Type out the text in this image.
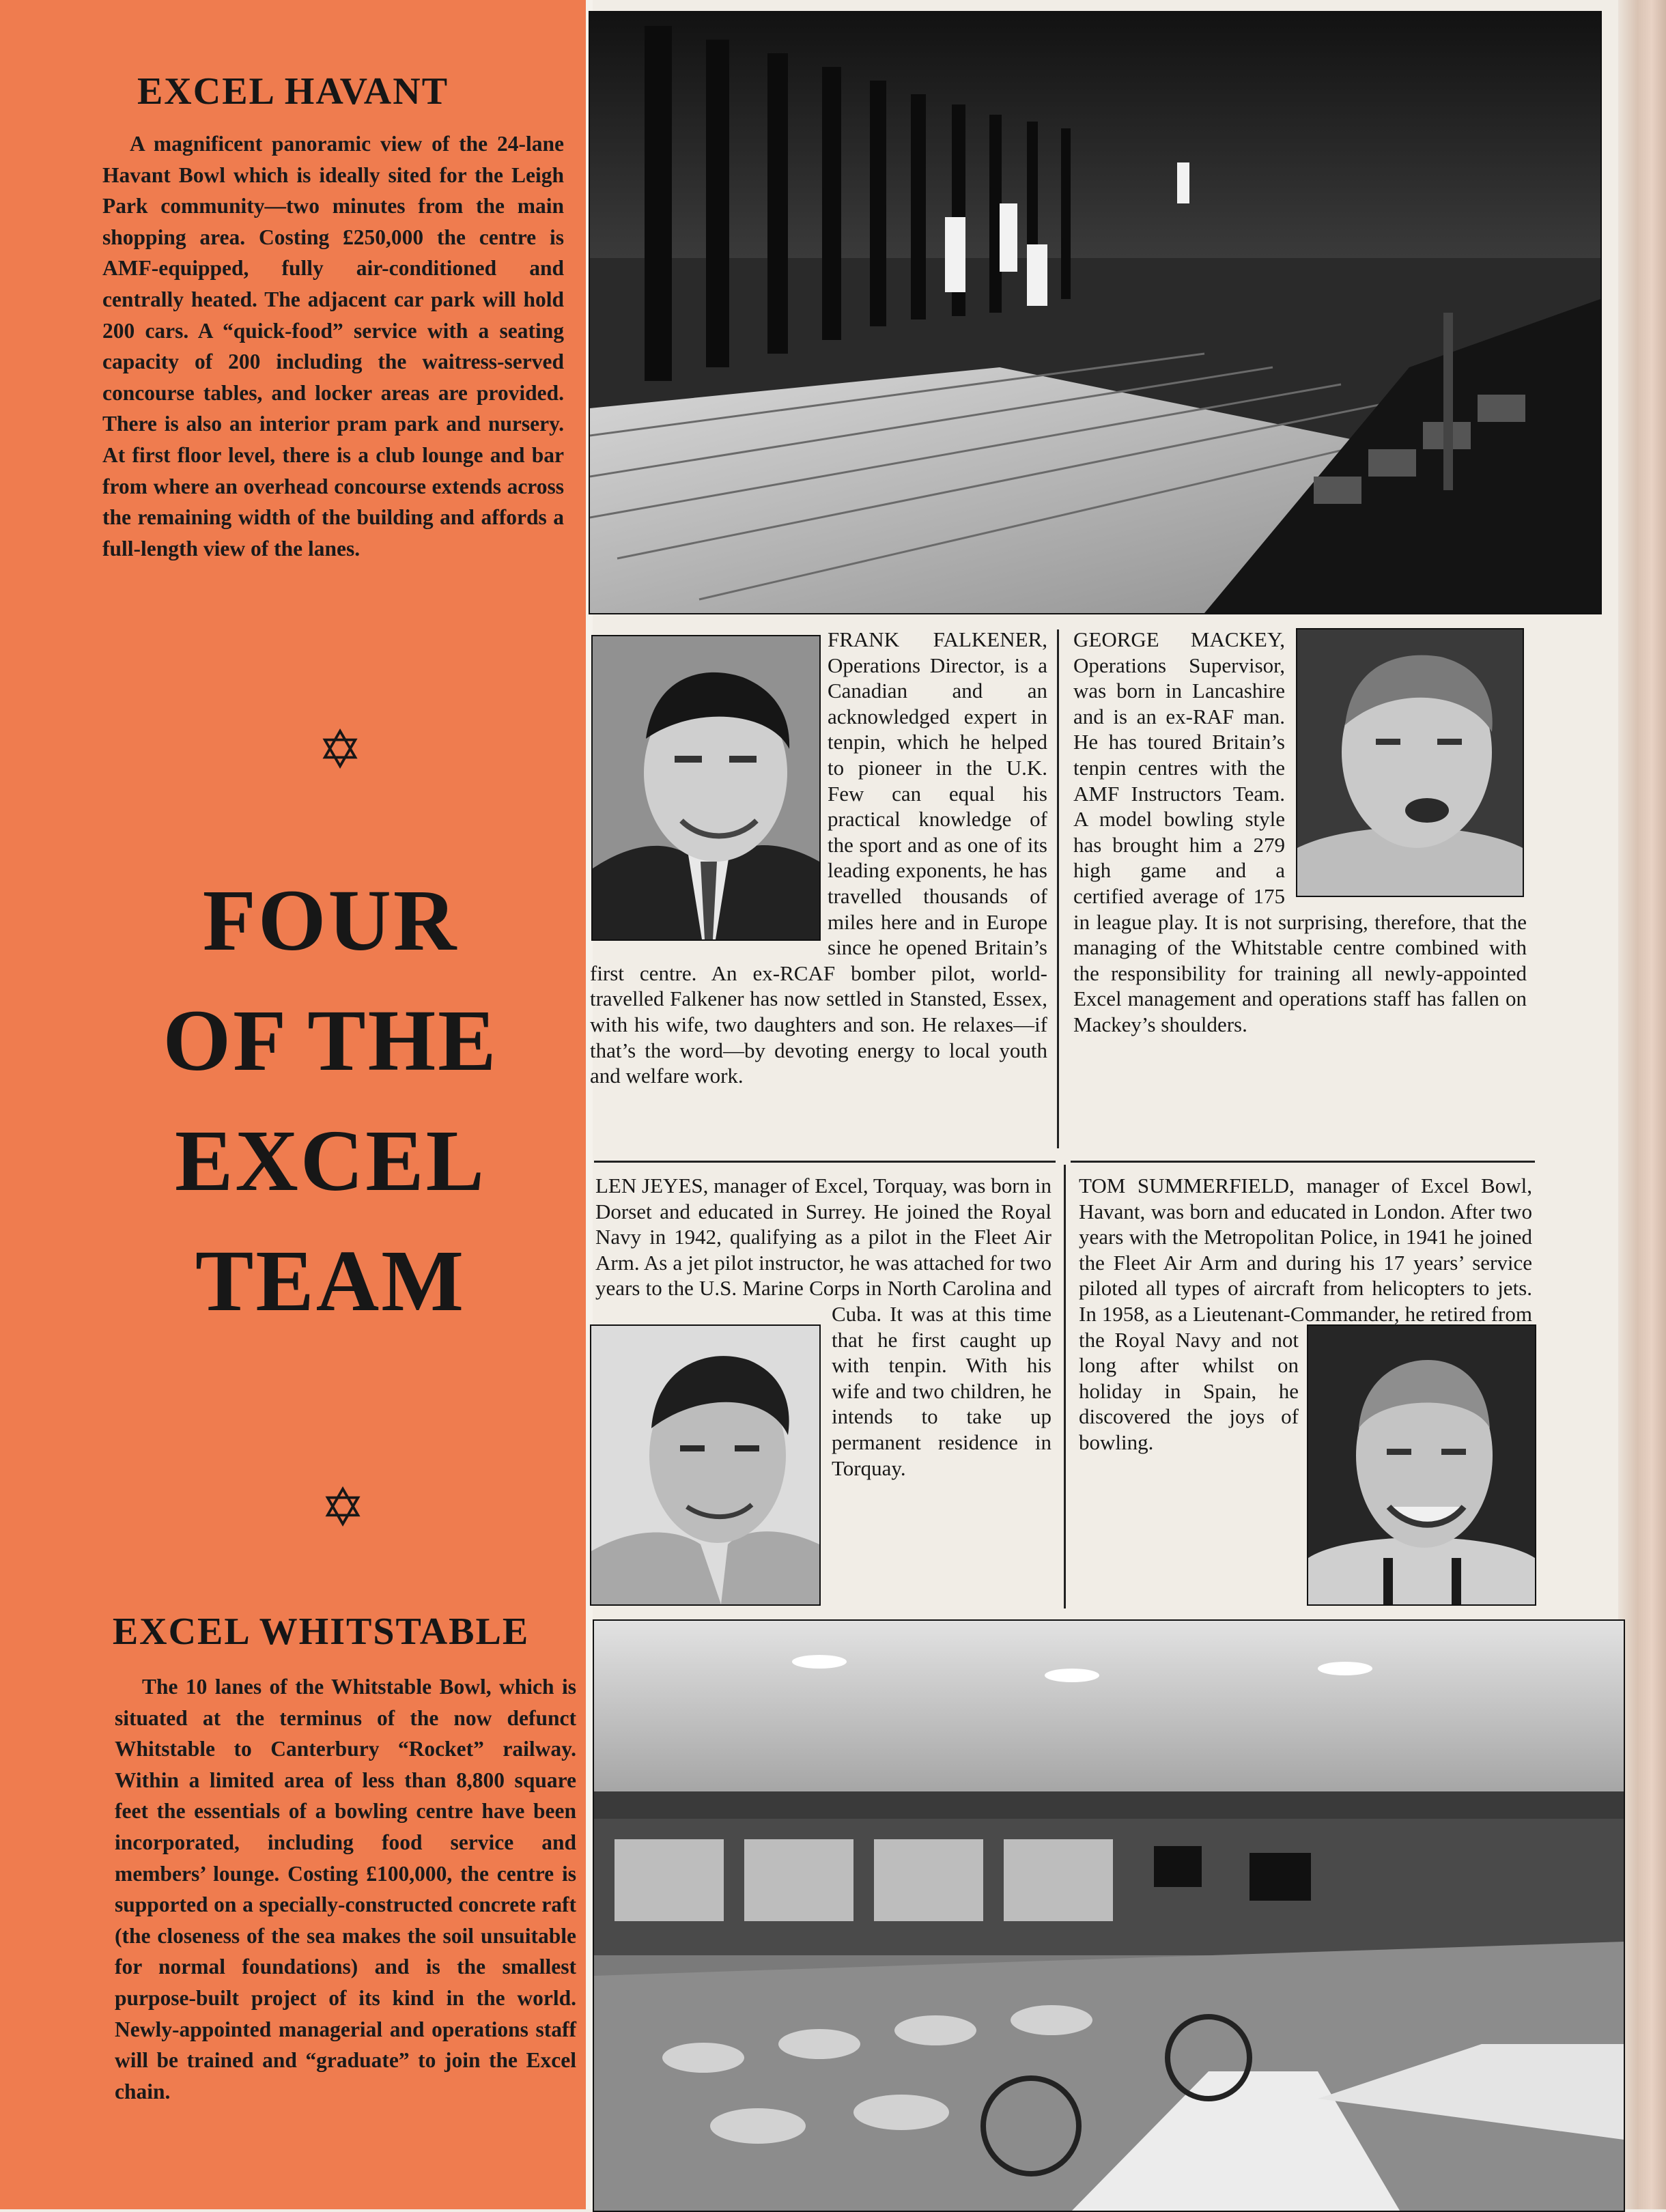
EXCEL HAVANT
A magnificent panoramic view of the 24-lane Havant Bowl which is ideally sited for the Leigh Park community—two minutes from the main shopping area. Costing £250,000 the centre is AMF-equipped, fully air-conditioned and centrally heated. The adjacent car park will hold 200 cars. A “quick-food” service with a seating capacity of 200 including the waitress-served concourse tables, and locker areas are provided. There is also an interior pram park and nursery. At first floor level, there is a club lounge and bar from where an overhead concourse extends across the remaining width of the building and affords a full-length view of the lanes.
✡
FOUR
OF THE
EXCEL
TEAM
✡
EXCEL WHITSTABLE
The 10 lanes of the Whitstable Bowl, which is situated at the terminus of the now defunct Whitstable to Canterbury “Rocket” railway. Within a limited area of less than 8,800 square feet the essentials of a bowling centre have been incorporated, including food service and members’ lounge. Costing £100,000, the centre is supported on a specially-constructed concrete raft (the closeness of the sea makes the soil unsuitable for normal foundations) and is the smallest purpose-built project of its kind in the world. Newly-appointed managerial and operations staff will be trained and “graduate” to join the Excel chain.
FRANK FALKENER, Operations Director, is a Canadian and an acknowledged expert in tenpin, which he helped to pioneer in the U.K. Few can equal his practical knowledge of the sport and as one of its leading exponents, he has travelled thousands of miles here and in Europe since he opened Britain’s first centre. An ex-RCAF bomber pilot, world-travelled Falkener has now settled in Stansted, Essex, with his wife, two daughters and son. He relaxes—if that’s the word—by devoting energy to local youth and welfare work.
GEORGE MACKEY, Operations Supervisor, was born in Lancashire and is an ex-RAF man. He has toured Britain’s tenpin centres with the AMF Instructors Team. A model bowling style has brought him a 279 high game and a certified average of 175 in league play. It is not surprising, therefore, that the managing of the Whitstable centre combined with the responsibility for training all newly-appointed Excel management and operations staff has fallen on Mackey’s shoulders.
LEN JEYES, manager of Excel, Torquay, was born in Dorset and educated in Surrey. He joined the Royal Navy in 1942, qualifying as a pilot in the Fleet Air Arm. As a jet pilot instructor, he was attached for two years to the U.S. Marine Corps in North Carolina and Cuba. It was at this time that he first caught up with tenpin. With his wife and two children, he intends to take up permanent residence in Torquay.
TOM SUMMERFIELD, manager of Excel Bowl, Havant, was born and educated in London. After two years with the Metropolitan Police, in 1941 he joined the Fleet Air Arm and during his 17 years’ service piloted all types of aircraft from helicopters to jets. In 1958, as a Lieutenant-Commander, he retired from the Royal Navy and not long after whilst on holiday in Spain, he discovered the joys of bowling.
